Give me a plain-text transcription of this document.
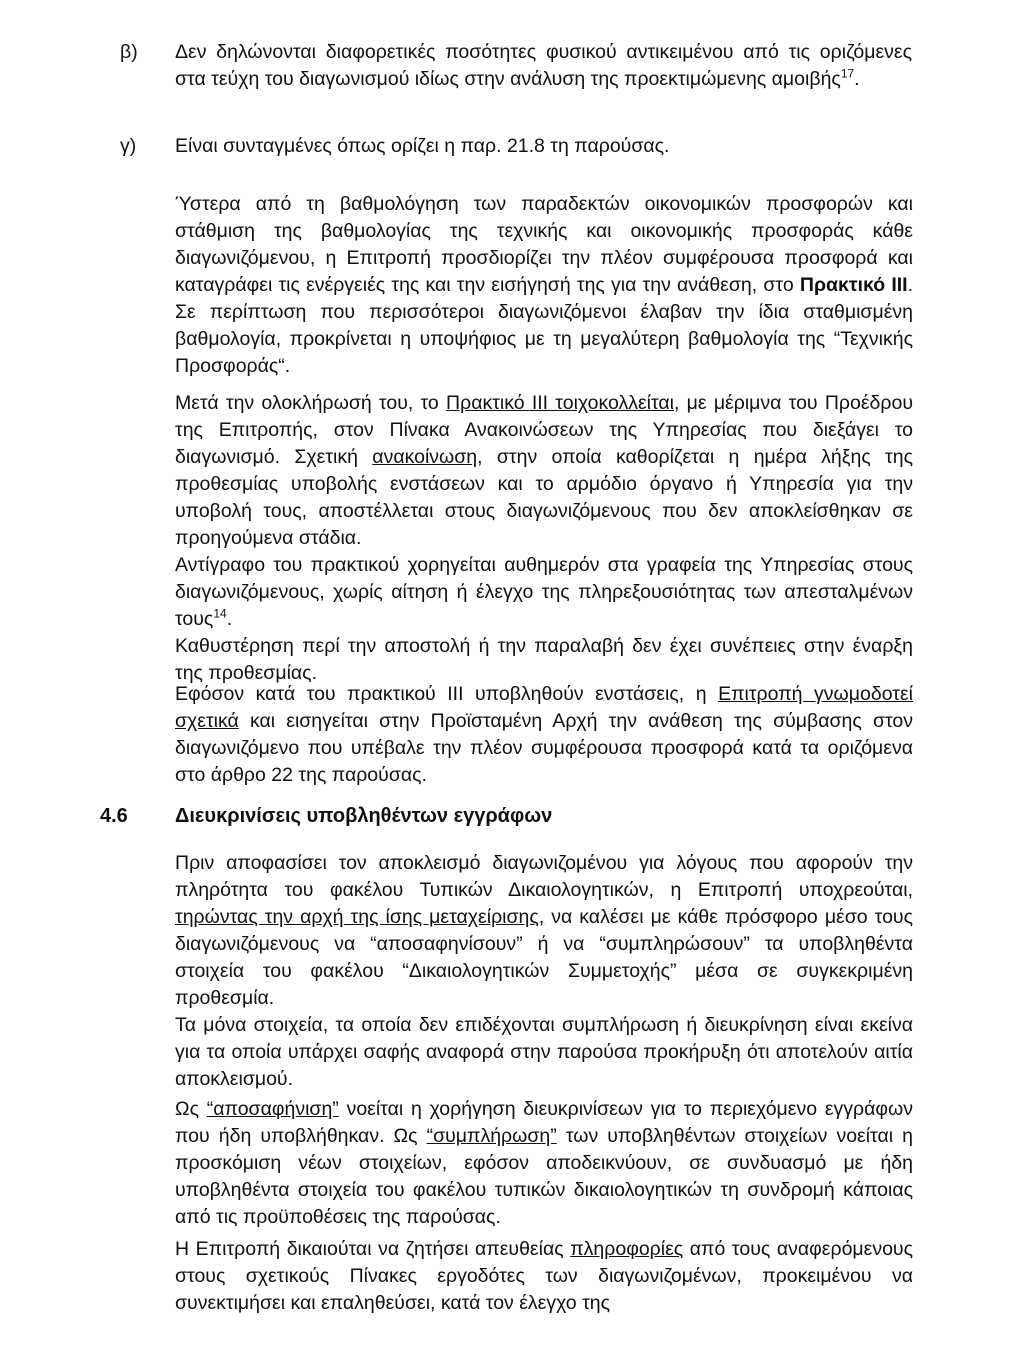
β) Δεν δηλώνονται διαφορετικές ποσότητες φυσικού αντικειμένου από τις οριζόμενες στα τεύχη του διαγωνισμού ιδίως στην ανάλυση της προεκτιμώμενης αμοιβής$^{17}$.
γ) Είναι συνταγμένες όπως ορίζει η παρ. 21.8 τη παρούσας.

Ύστερα από τη βαθμολόγηση των παραδεκτών οικονομικών προσφορών και στάθμιση της βαθμολογίας της τεχνικής και οικονομικής προσφοράς κάθε διαγωνιζόμενου, η Επιτροπή προσδιορίζει την πλέον συμφέρουσα προσφορά και καταγράφει τις ενέργειές της και την εισήγησή της για την ανάθεση, στο Πρακτικό ΙΙΙ. Σε περίπτωση που περισσότεροι διαγωνιζόμενοι έλαβαν την ίδια σταθμισμένη βαθμολογία, προκρίνεται η υποψήφιος με τη μεγαλύτερη βαθμολογία της “Τεχνικής Προσφοράς“.

Μετά την ολοκλήρωσή του, το Πρακτικό ΙΙΙ τοιχοκολλείται, με μέριμνα του Προέδρου της Επιτροπής, στον Πίνακα Ανακοινώσεων της Υπηρεσίας που διεξάγει το διαγωνισμό. Σχετική ανακοίνωση, στην οποία καθορίζεται η ημέρα λήξης της προθεσμίας υποβολής ενστάσεων και το αρμόδιο όργανο ή Υπηρεσία για την υποβολή τους, αποστέλλεται στους διαγωνιζόμενους που δεν αποκλείσθηκαν σε προηγούμενα στάδια.
Αντίγραφο του πρακτικού χορηγείται αυθημερόν στα γραφεία της Υπηρεσίας στους διαγωνιζόμενους, χωρίς αίτηση ή έλεγχο της πληρεξουσιότητας των απεσταλμένων τους$^{14}$.
Καθυστέρηση περί την αποστολή ή την παραλαβή δεν έχει συνέπειες στην έναρξη της προθεσμίας.
Εφόσον κατά του πρακτικού ΙΙΙ υποβληθούν ενστάσεις, η Επιτροπή γνωμοδοτεί σχετικά και εισηγείται στην Προϊσταμένη Αρχή την ανάθεση της σύμβασης στον διαγωνιζόμενο που υπέβαλε την πλέον συμφέρουσα προσφορά κατά τα οριζόμενα στο άρθρο 22 της παρούσας.
4.6 Διευκρινίσεις υποβληθέντων εγγράφων
Πριν αποφασίσει τον αποκλεισμό διαγωνιζομένου για λόγους που αφορούν την πληρότητα του φακέλου Τυπικών Δικαιολογητικών, η Επιτροπή υποχρεούται, τηρώντας την αρχή της ίσης μεταχείρισης, να καλέσει με κάθε πρόσφορο μέσο τους διαγωνιζόμενους να “αποσαφηνίσουν” ή να “συμπληρώσουν” τα υποβληθέντα στοιχεία του φακέλου “Δικαιολογητικών Συμμετοχής” μέσα σε συγκεκριμένη προθεσμία.
Τα μόνα στοιχεία, τα οποία δεν επιδέχονται συμπλήρωση ή διευκρίνηση είναι εκείνα για τα οποία υπάρχει σαφής αναφορά στην παρούσα προκήρυξη ότι αποτελούν αιτία αποκλεισμού.
Ως “αποσαφήνιση” νοείται η χορήγηση διευκρινίσεων για το περιεχόμενο εγγράφων που ήδη υποβλήθηκαν. Ως “συμπλήρωση” των υποβληθέντων στοιχείων νοείται η προσκόμιση νέων στοιχείων, εφόσον αποδεικνύουν, σε συνδυασμό με ήδη υποβληθέντα στοιχεία του φακέλου τυπικών δικαιολογητικών τη συνδρομή κάποιας από τις προϋποθέσεις της παρούσας.
Η Επιτροπή δικαιούται να ζητήσει απευθείας πληροφορίες από τους αναφερόμενους στους σχετικούς Πίνακες εργοδότες των διαγωνιζομένων, προκειμένου να συνεκτιμήσει και επαληθεύσει, κατά τον έλεγχο της
